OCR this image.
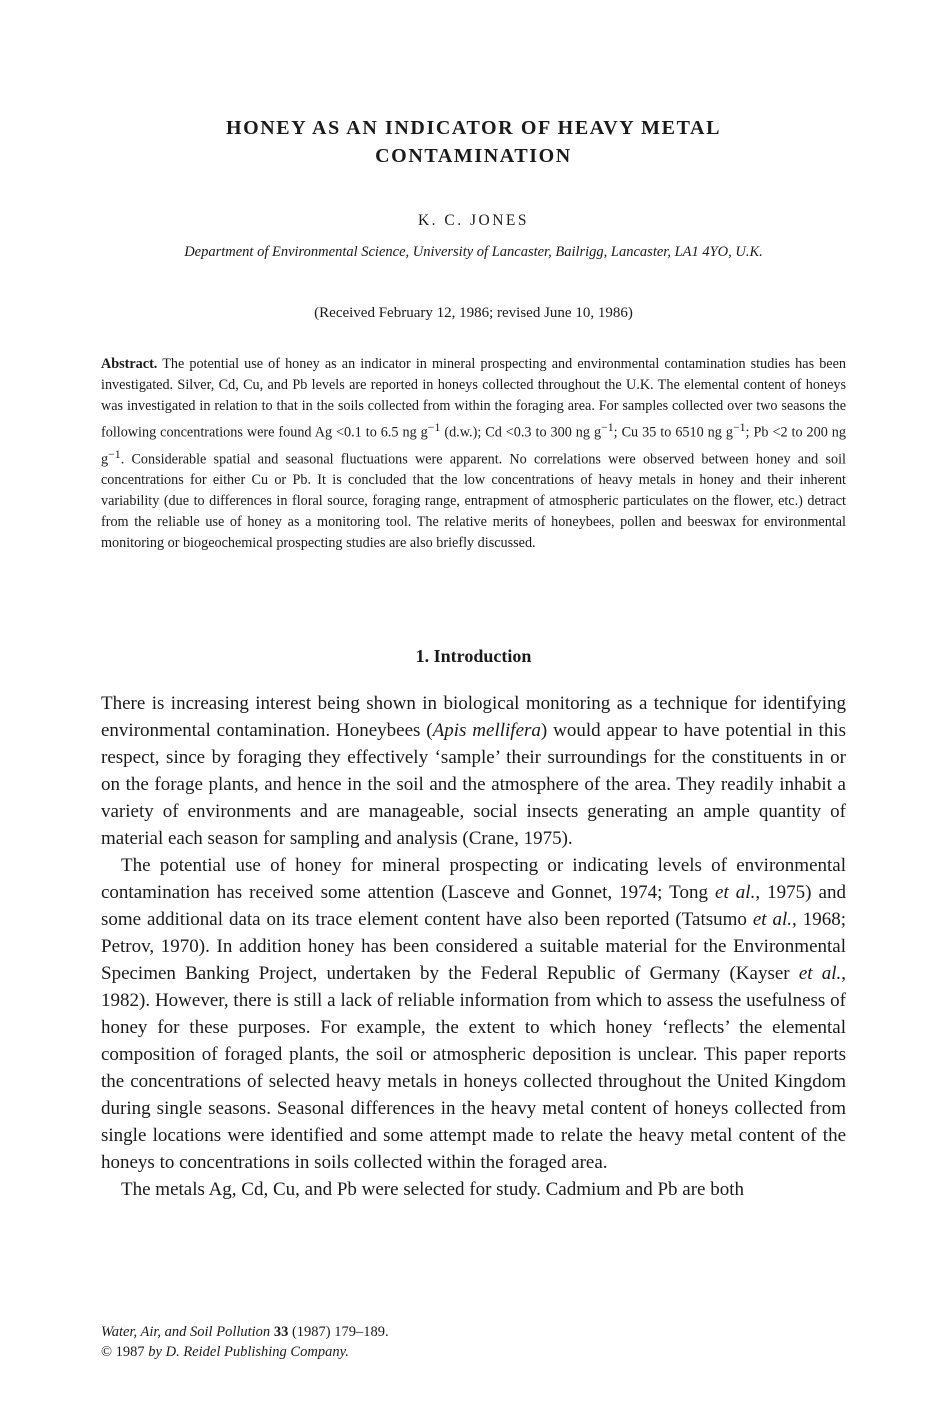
HONEY AS AN INDICATOR OF HEAVY METAL
CONTAMINATION
K. C. JONES
Department of Environmental Science, University of Lancaster, Bailrigg, Lancaster, LA1 4YO, U.K.
(Received February 12, 1986; revised June 10, 1986)

Abstract. The potential use of honey as an indicator in mineral prospecting and environmental contamination studies has been investigated. Silver, Cd, Cu, and Pb levels are reported in honeys collected throughout the U.K. The elemental content of honeys was investigated in relation to that in the soils collected from within the foraging area. For samples collected over two seasons the following concentrations were found Ag <0.1 to 6.5 ng $g^{-1}$ (d.w.); Cd <0.3 to 300 ng $g^{-1}$; Cu 35 to 6510 ng $g^{-1}$; Pb <2 to 200 ng $g^{-1}$. Considerable spatial and seasonal fluctuations were apparent. No correlations were observed between honey and soil concentrations for either Cu or Pb. It is concluded that the low concentrations of heavy metals in honey and their inherent variability (due to differences in floral source, foraging range, entrapment of atmospheric particulates on the flower, etc.) detract from the reliable use of honey as a monitoring tool. The relative merits of honeybees, pollen and beeswax for environmental monitoring or biogeochemical prospecting studies are also briefly discussed.

1. Introduction

There is increasing interest being shown in biological monitoring as a technique for identifying environmental contamination. Honeybees (Apis mellifera) would appear to have potential in this respect, since by foraging they effectively ‘sample’ their surroundings for the constituents in or on the forage plants, and hence in the soil and the atmosphere of the area. They readily inhabit a variety of environments and are manageable, social insects generating an ample quantity of material each season for sampling and analysis (Crane, 1975).

The potential use of honey for mineral prospecting or indicating levels of environmental contamination has received some attention (Lasceve and Gonnet, 1974; Tong et al., 1975) and some additional data on its trace element content have also been reported (Tatsumo et al., 1968; Petrov, 1970). In addition honey has been considered a suitable material for the Environmental Specimen Banking Project, undertaken by the Federal Republic of Germany (Kayser et al., 1982). However, there is still a lack of reliable information from which to assess the usefulness of honey for these purposes. For example, the extent to which honey ‘reflects’ the elemental composition of foraged plants, the soil or atmospheric deposition is unclear. This paper reports the concentrations of selected heavy metals in honeys collected throughout the United Kingdom during single seasons. Seasonal differences in the heavy metal content of honeys collected from single locations were identified and some attempt made to relate the heavy metal content of the honeys to concentrations in soils collected within the foraged area.

The metals Ag, Cd, Cu, and Pb were selected for study. Cadmium and Pb are both

Water, Air, and Soil Pollution 33 (1987) 179–189.
© 1987 by D. Reidel Publishing Company.
